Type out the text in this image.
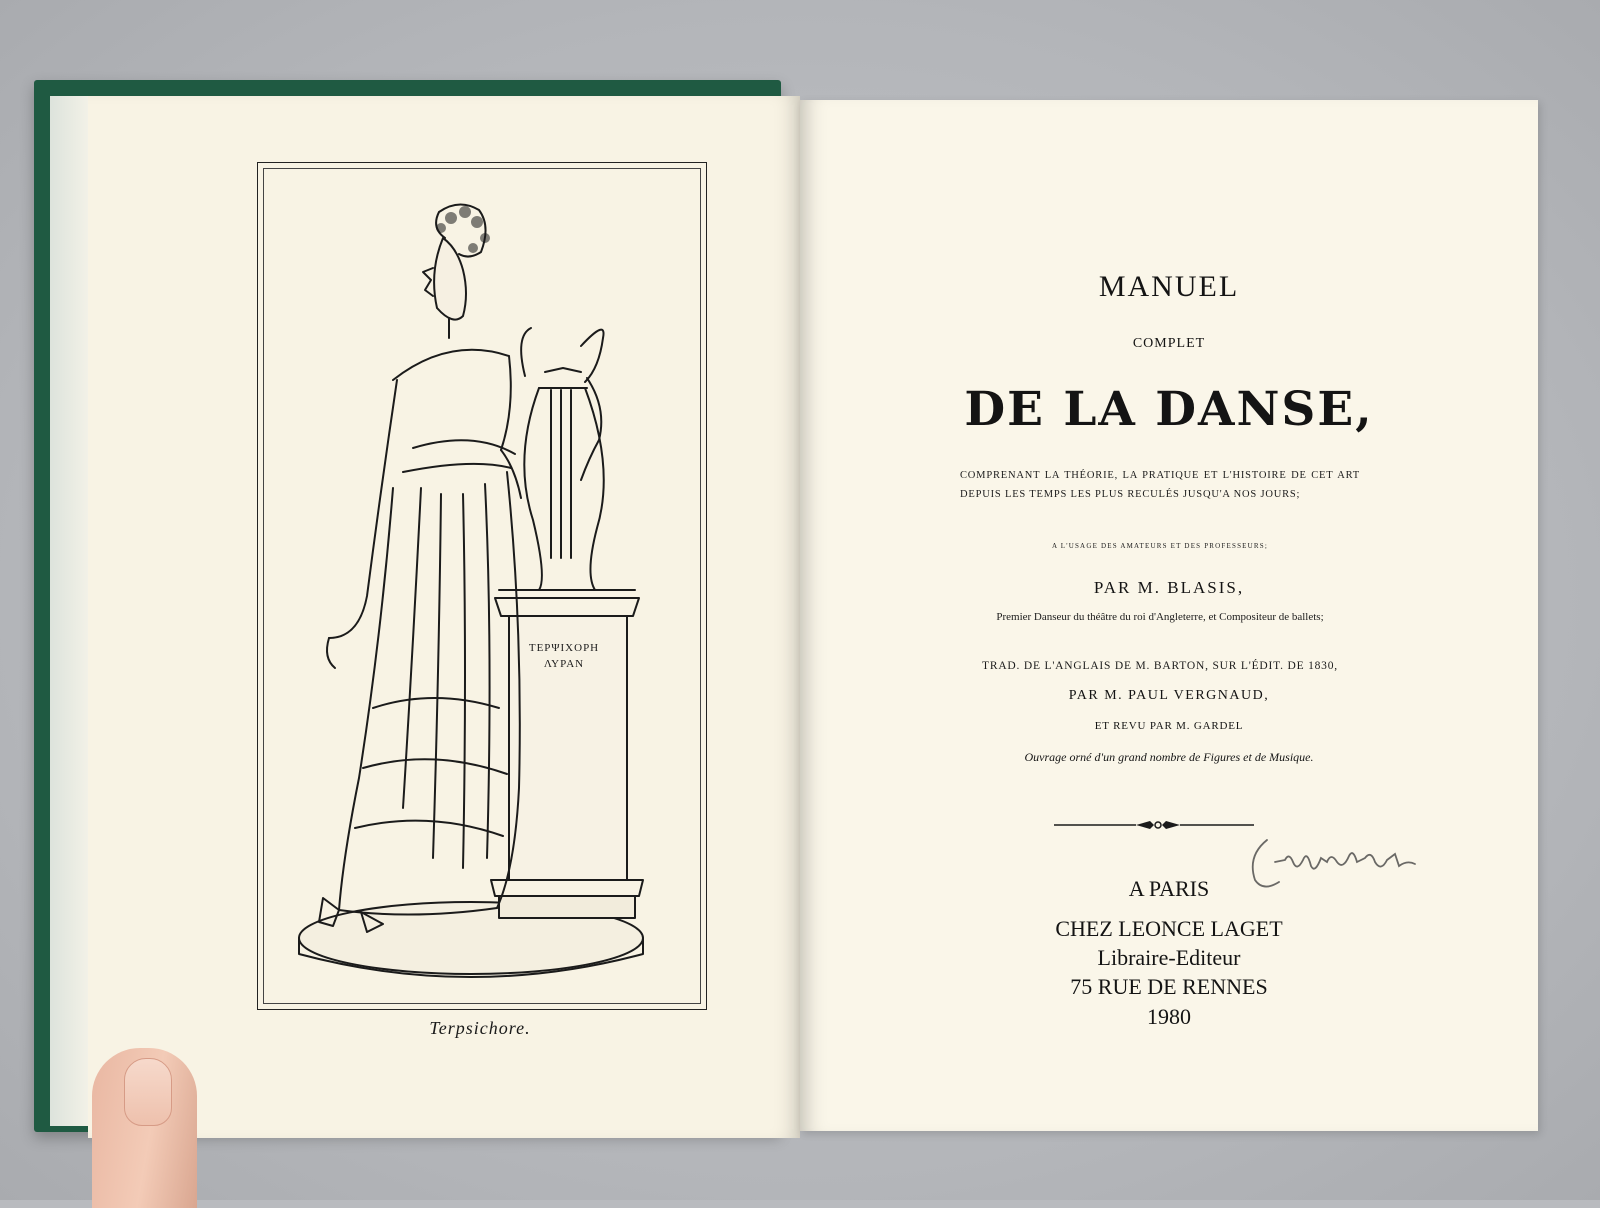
ΤΕΡΨΙΧΟΡΗ
ΛΥΡΑΝ
Terpsichore.
MANUEL
COMPLET
DE LA DANSE,
COMPRENANT LA THÉORIE, LA PRATIQUE ET L'HISTOIRE DE CET ART DEPUIS LES TEMPS LES PLUS RECULÉS JUSQU'A NOS JOURS;
A L'USAGE DES AMATEURS ET DES PROFESSEURS;
PAR M. BLASIS,
Premier Danseur du théâtre du roi d'Angleterre, et Compositeur de ballets;
TRAD. DE L'ANGLAIS DE M. BARTON, SUR L'ÉDIT. DE 1830,
PAR M. PAUL VERGNAUD,
ET REVU PAR M. GARDEL
Ouvrage orné d'un grand nombre de Figures et de Musique.
A PARIS
CHEZ LEONCE LAGET
Libraire-Editeur
75 RUE DE RENNES
1980
